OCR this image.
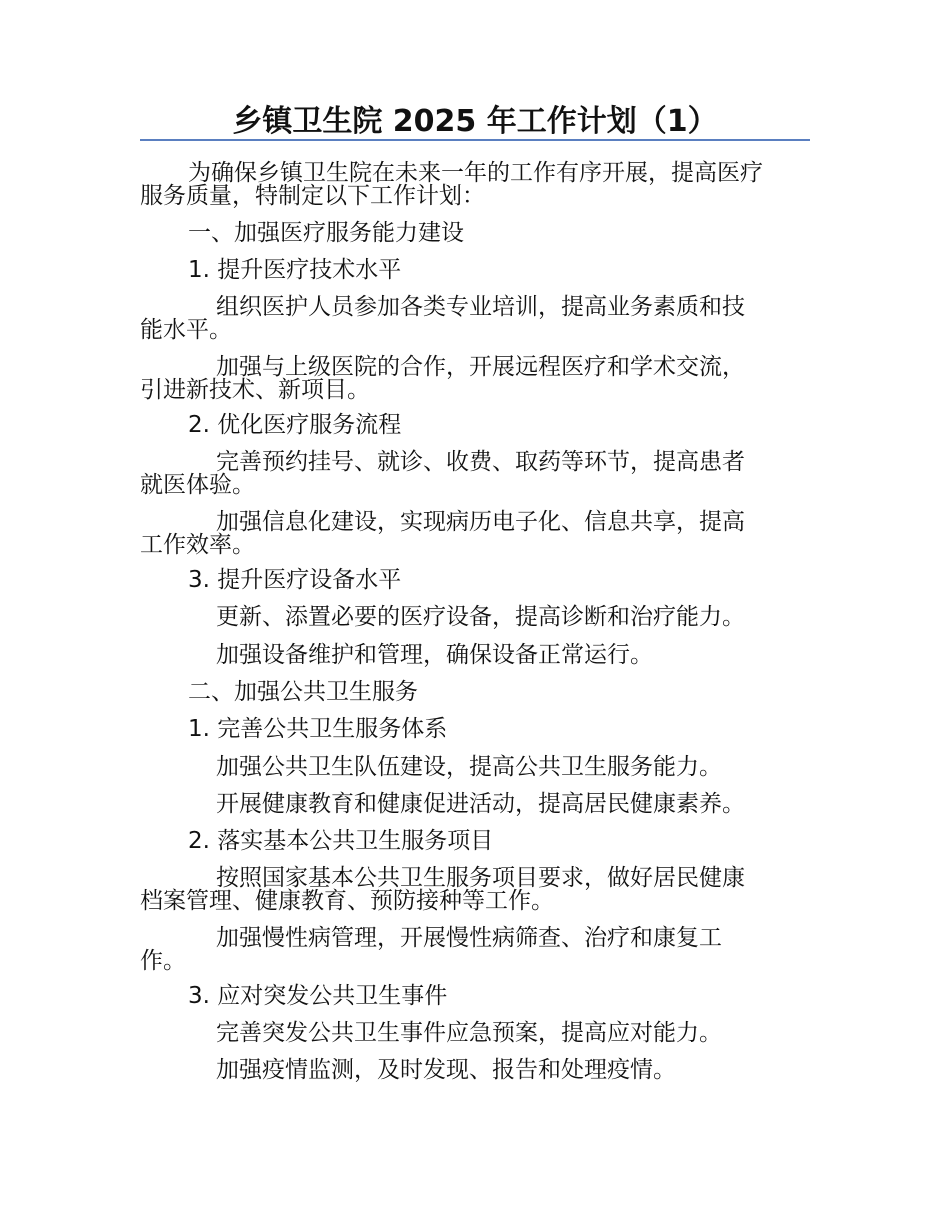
乡镇卫生院 2025 年工作计划（1）
为确保乡镇卫生院在未来一年的工作有序开展，提高医疗
服务质量，特制定以下工作计划：
一、加强医疗服务能力建设
1. 提升医疗技术水平
组织医护人员参加各类专业培训，提高业务素质和技
能水平。
加强与上级医院的合作，开展远程医疗和学术交流，
引进新技术、新项目。
2. 优化医疗服务流程
完善预约挂号、就诊、收费、取药等环节，提高患者
就医体验。
加强信息化建设，实现病历电子化、信息共享，提高
工作效率。
3. 提升医疗设备水平
更新、添置必要的医疗设备，提高诊断和治疗能力。
加强设备维护和管理，确保设备正常运行。
二、加强公共卫生服务
1. 完善公共卫生服务体系
加强公共卫生队伍建设，提高公共卫生服务能力。
开展健康教育和健康促进活动，提高居民健康素养。
2. 落实基本公共卫生服务项目
按照国家基本公共卫生服务项目要求，做好居民健康
档案管理、健康教育、预防接种等工作。
加强慢性病管理，开展慢性病筛查、治疗和康复工
作。
3. 应对突发公共卫生事件
完善突发公共卫生事件应急预案，提高应对能力。
加强疫情监测，及时发现、报告和处理疫情。
